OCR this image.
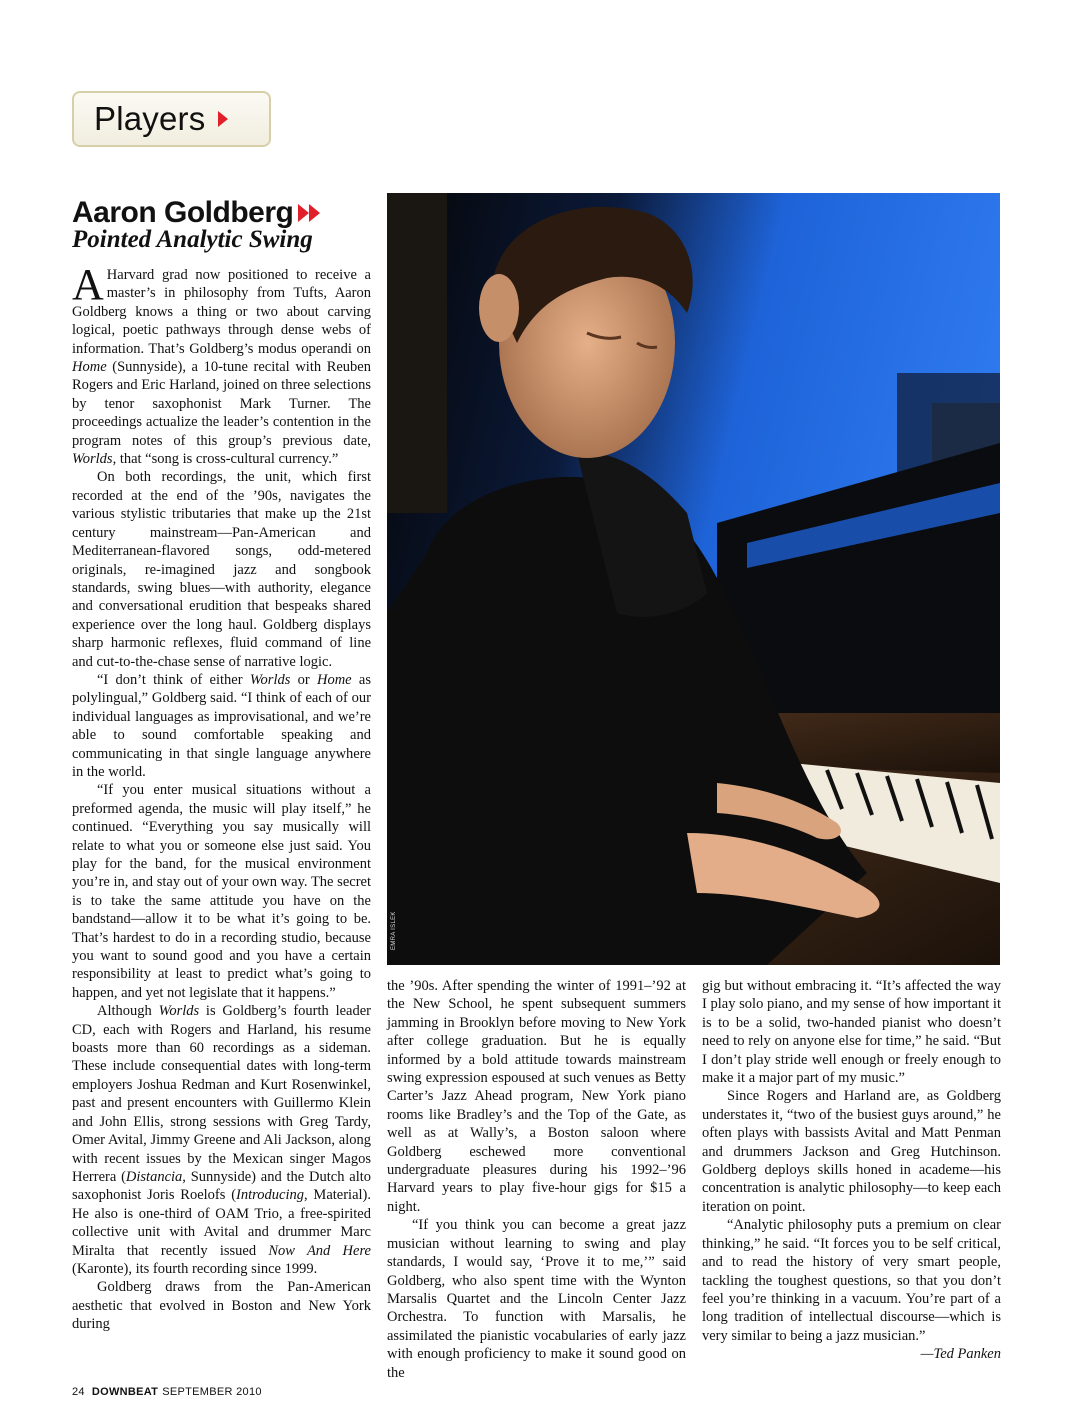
Players
Aaron Goldberg
Pointed Analytic Swing

A Harvard grad now positioned to receive a master’s in philosophy from Tufts, Aaron Goldberg knows a thing or two about carving logical, poetic pathways through dense webs of information. That’s Goldberg’s modus operandi on Home (Sunnyside), a 10-tune recital with Reuben Rogers and Eric Harland, joined on three selections by tenor saxophonist Mark Turner. The proceedings actualize the leader’s contention in the program notes of this group’s previous date, Worlds, that “song is cross-cultural currency.”

On both recordings, the unit, which first recorded at the end of the ’90s, navigates the various stylistic tributaries that make up the 21st century mainstream—Pan-American and Mediterranean-flavored songs, odd-metered originals, re-imagined jazz and songbook standards, swing blues—with authority, elegance and conversational erudition that bespeaks shared experience over the long haul. Goldberg displays sharp harmonic reflexes, fluid command of line and cut-to-the-chase sense of narrative logic.

“I don’t think of either Worlds or Home as polylingual,” Goldberg said. “I think of each of our individual languages as improvisational, and we’re able to sound comfortable speaking and communicating in that single language anywhere in the world.

“If you enter musical situations without a preformed agenda, the music will play itself,” he continued. “Everything you say musically will relate to what you or someone else just said. You play for the band, for the musical environment you’re in, and stay out of your own way. The secret is to take the same attitude you have on the bandstand—allow it to be what it’s going to be. That’s hardest to do in a recording studio, because you want to sound good and you have a certain responsibility at least to predict what’s going to happen, and yet not legislate that it happens.”

Although Worlds is Goldberg’s fourth leader CD, each with Rogers and Harland, his resume boasts more than 60 recordings as a sideman. These include consequential dates with long-term employers Joshua Redman and Kurt Rosenwinkel, past and present encounters with Guillermo Klein and John Ellis, strong sessions with Greg Tardy, Omer Avital, Jimmy Greene and Ali Jackson, along with recent issues by the Mexican singer Magos Herrera (Distancia, Sunnyside) and the Dutch alto saxophonist Joris Roelofs (Introducing, Material). He also is one-third of OAM Trio, a free-spirited collective unit with Avital and drummer Marc Miralta that recently issued Now And Here (Karonte), its fourth recording since 1999.

Goldberg draws from the Pan-American aesthetic that evolved in Boston and New York during

EMRA ISLEK

the ’90s. After spending the winter of 1991–’92 at the New School, he spent subsequent summers jamming in Brooklyn before moving to New York after college graduation. But he is equally informed by a bold attitude towards mainstream swing expression espoused at such venues as Betty Carter’s Jazz Ahead program, New York piano rooms like Bradley’s and the Top of the Gate, as well as at Wally’s, a Boston saloon where Goldberg eschewed more conventional undergraduate pleasures during his 1992–’96 Harvard years to play five-hour gigs for $15 a night.

“If you think you can become a great jazz musician without learning to swing and play standards, I would say, ‘Prove it to me,’” said Goldberg, who also spent time with the Wynton Marsalis Quartet and the Lincoln Center Jazz Orchestra. To function with Marsalis, he assimilated the pianistic vocabularies of early jazz with enough proficiency to make it sound good on the

gig but without embracing it. “It’s affected the way I play solo piano, and my sense of how important it is to be a solid, two-handed pianist who doesn’t need to rely on anyone else for time,” he said. “But I don’t play stride well enough or freely enough to make it a major part of my music.”

Since Rogers and Harland are, as Goldberg understates it, “two of the busiest guys around,” he often plays with bassists Avital and Matt Penman and drummers Jackson and Greg Hutchinson. Goldberg deploys skills honed in academe—his concentration is analytic philosophy—to keep each iteration on point.

“Analytic philosophy puts a premium on clear thinking,” he said. “It forces you to be self critical, and to read the history of very smart people, tackling the toughest questions, so that you don’t feel you’re thinking in a vacuum. You’re part of a long tradition of intellectual discourse—which is very similar to being a jazz musician.”
—Ted Panken

24 DOWNBEAT SEPTEMBER 2010
